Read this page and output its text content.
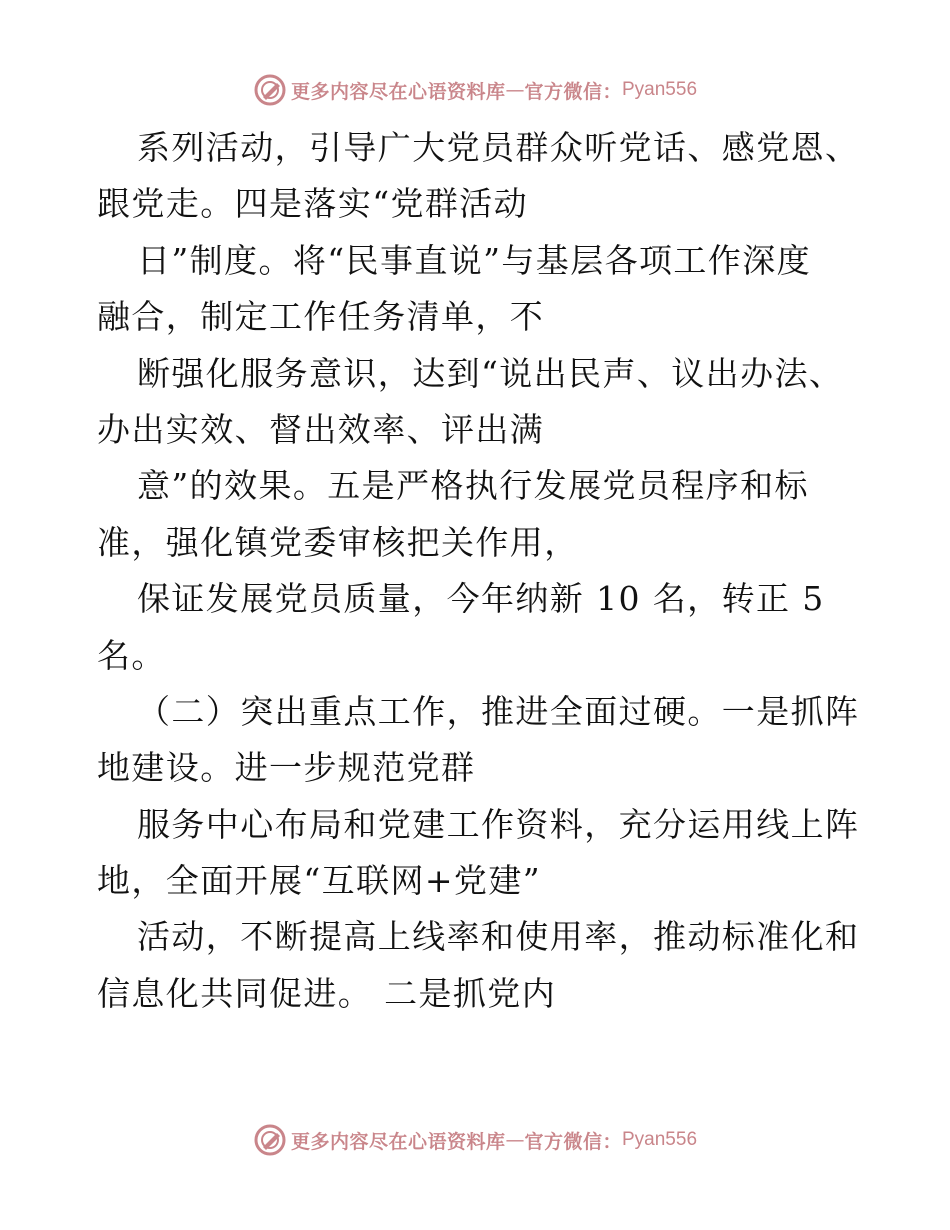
更多内容尽在心语资料库 — 官方微信： Pyan556
系列活动，引导广大党员群众听党话、感党恩、
跟党走。四是落实“党群活动
日”制度。将“民事直说”与基层各项工作深度
融合，制定工作任务清单，不
断强化服务意识，达到“说出民声、议出办法、
办出实效、督出效率、评出满
意”的效果。五是严格执行发展党员程序和标
准，强化镇党委审核把关作用，
保证发展党员质量，今年纳新 10 名，转正 5
名。
（二）突出重点工作，推进全面过硬。一是抓阵
地建设。进一步规范党群
服务中心布局和党建工作资料，充分运用线上阵
地，全面开展“互联网+党建”
活动，不断提高上线率和使用率，推动标准化和
信息化共同促进。 二是抓党内
更多内容尽在心语资料库 — 官方微信： Pyan556
